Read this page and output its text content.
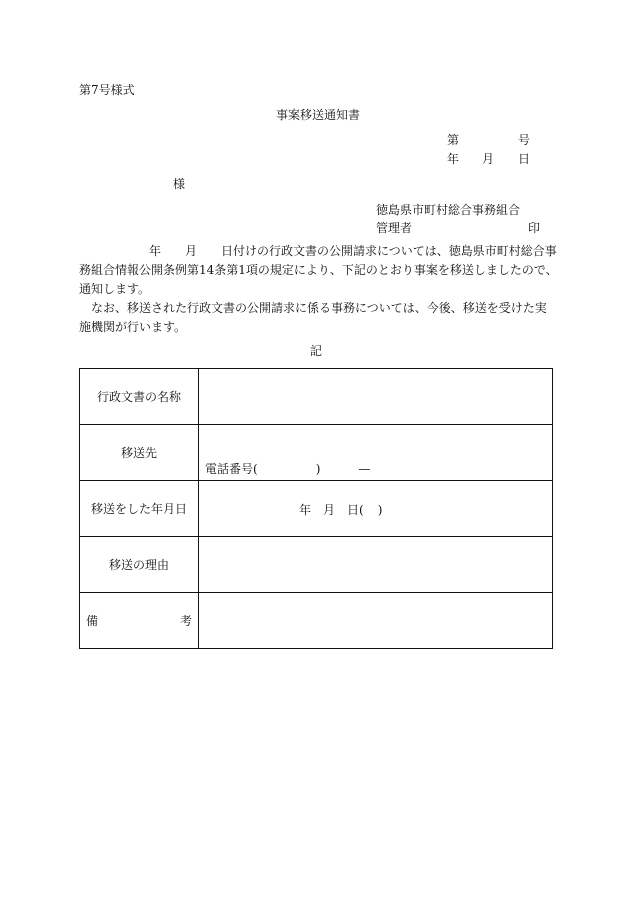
第7号様式
事案移送通知書
第	号
年 月 日
様
徳島県市町村総合事務組合
管理者	印
年 月 日付けの行政文書の公開請求については、徳島県市町村総合事
務組合情報公開条例第14条第1項の規定により、下記のとおり事案を移送しましたので、
通知します。
なお、移送された行政文書の公開請求に係る事務については、今後、移送を受けた実
施機関が行います。
記
行政文書の名称	
移送先	電話番号( ) —

移送をした年月日	年 月 日( )

移送の理由	

備 考	
